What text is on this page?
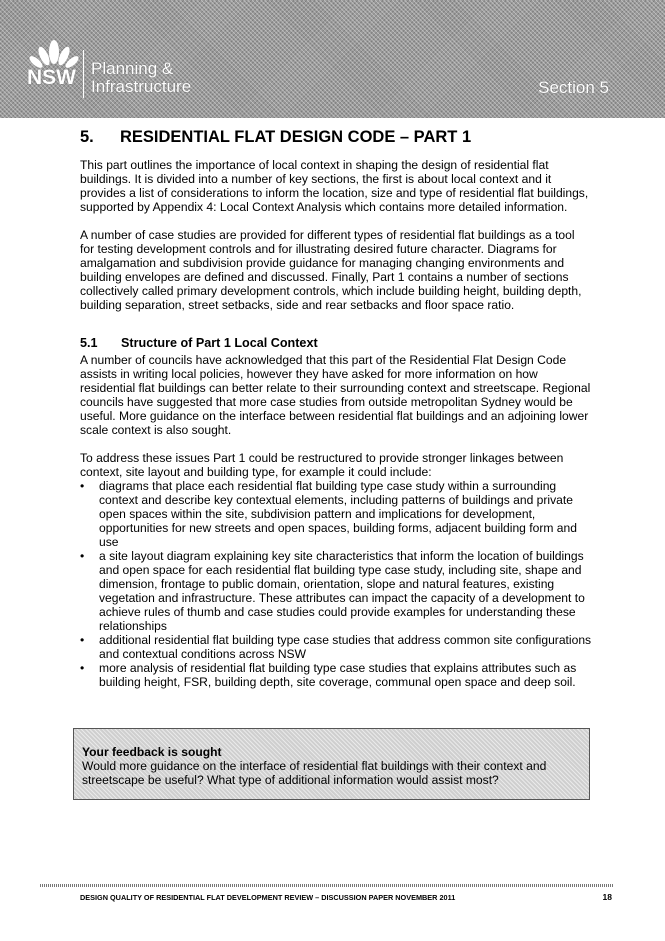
NSW Planning &
Infrastructure	Section 5
5.	RESIDENTIAL FLAT DESIGN CODE – PART 1

This part outlines the importance of local context in shaping the design of residential flat buildings. It is divided into a number of key sections, the first is about local context and it provides a list of considerations to inform the location, size and type of residential flat buildings, supported by Appendix 4: Local Context Analysis which contains more detailed information.

A number of case studies are provided for different types of residential flat buildings as a tool for testing development controls and for illustrating desired future character. Diagrams for amalgamation and subdivision provide guidance for managing changing environments and building envelopes are defined and discussed. Finally, Part 1 contains a number of sections collectively called primary development controls, which include building height, building depth, building separation, street setbacks, side and rear setbacks and floor space ratio.

5.1	Structure of Part 1 Local Context

A number of councils have acknowledged that this part of the Residential Flat Design Code assists in writing local policies, however they have asked for more information on how residential flat buildings can better relate to their surrounding context and streetscape. Regional councils have suggested that more case studies from outside metropolitan Sydney would be useful. More guidance on the interface between residential flat buildings and an adjoining lower scale context is also sought.

To address these issues Part 1 could be restructured to provide stronger linkages between context, site layout and building type, for example it could include:

• diagrams that place each residential flat building type case study within a surrounding context and describe key contextual elements, including patterns of buildings and private open spaces within the site, subdivision pattern and implications for development, opportunities for new streets and open spaces, building forms, adjacent building form and use
• a site layout diagram explaining key site characteristics that inform the location of buildings and open space for each residential flat building type case study, including site, shape and dimension, frontage to public domain, orientation, slope and natural features, existing vegetation and infrastructure. These attributes can impact the capacity of a development to achieve rules of thumb and case studies could provide examples for understanding these relationships
• additional residential flat building type case studies that address common site configurations and contextual conditions across NSW
• more analysis of residential flat building type case studies that explains attributes such as building height, FSR, building depth, site coverage, communal open space and deep soil.
Your feedback is sought
Would more guidance on the interface of residential flat buildings with their context and streetscape be useful? What type of additional information would assist most?
DESIGN QUALITY OF RESIDENTIAL FLAT DEVELOPMENT REVIEW – DISCUSSION PAPER NOVEMBER 2011	18
